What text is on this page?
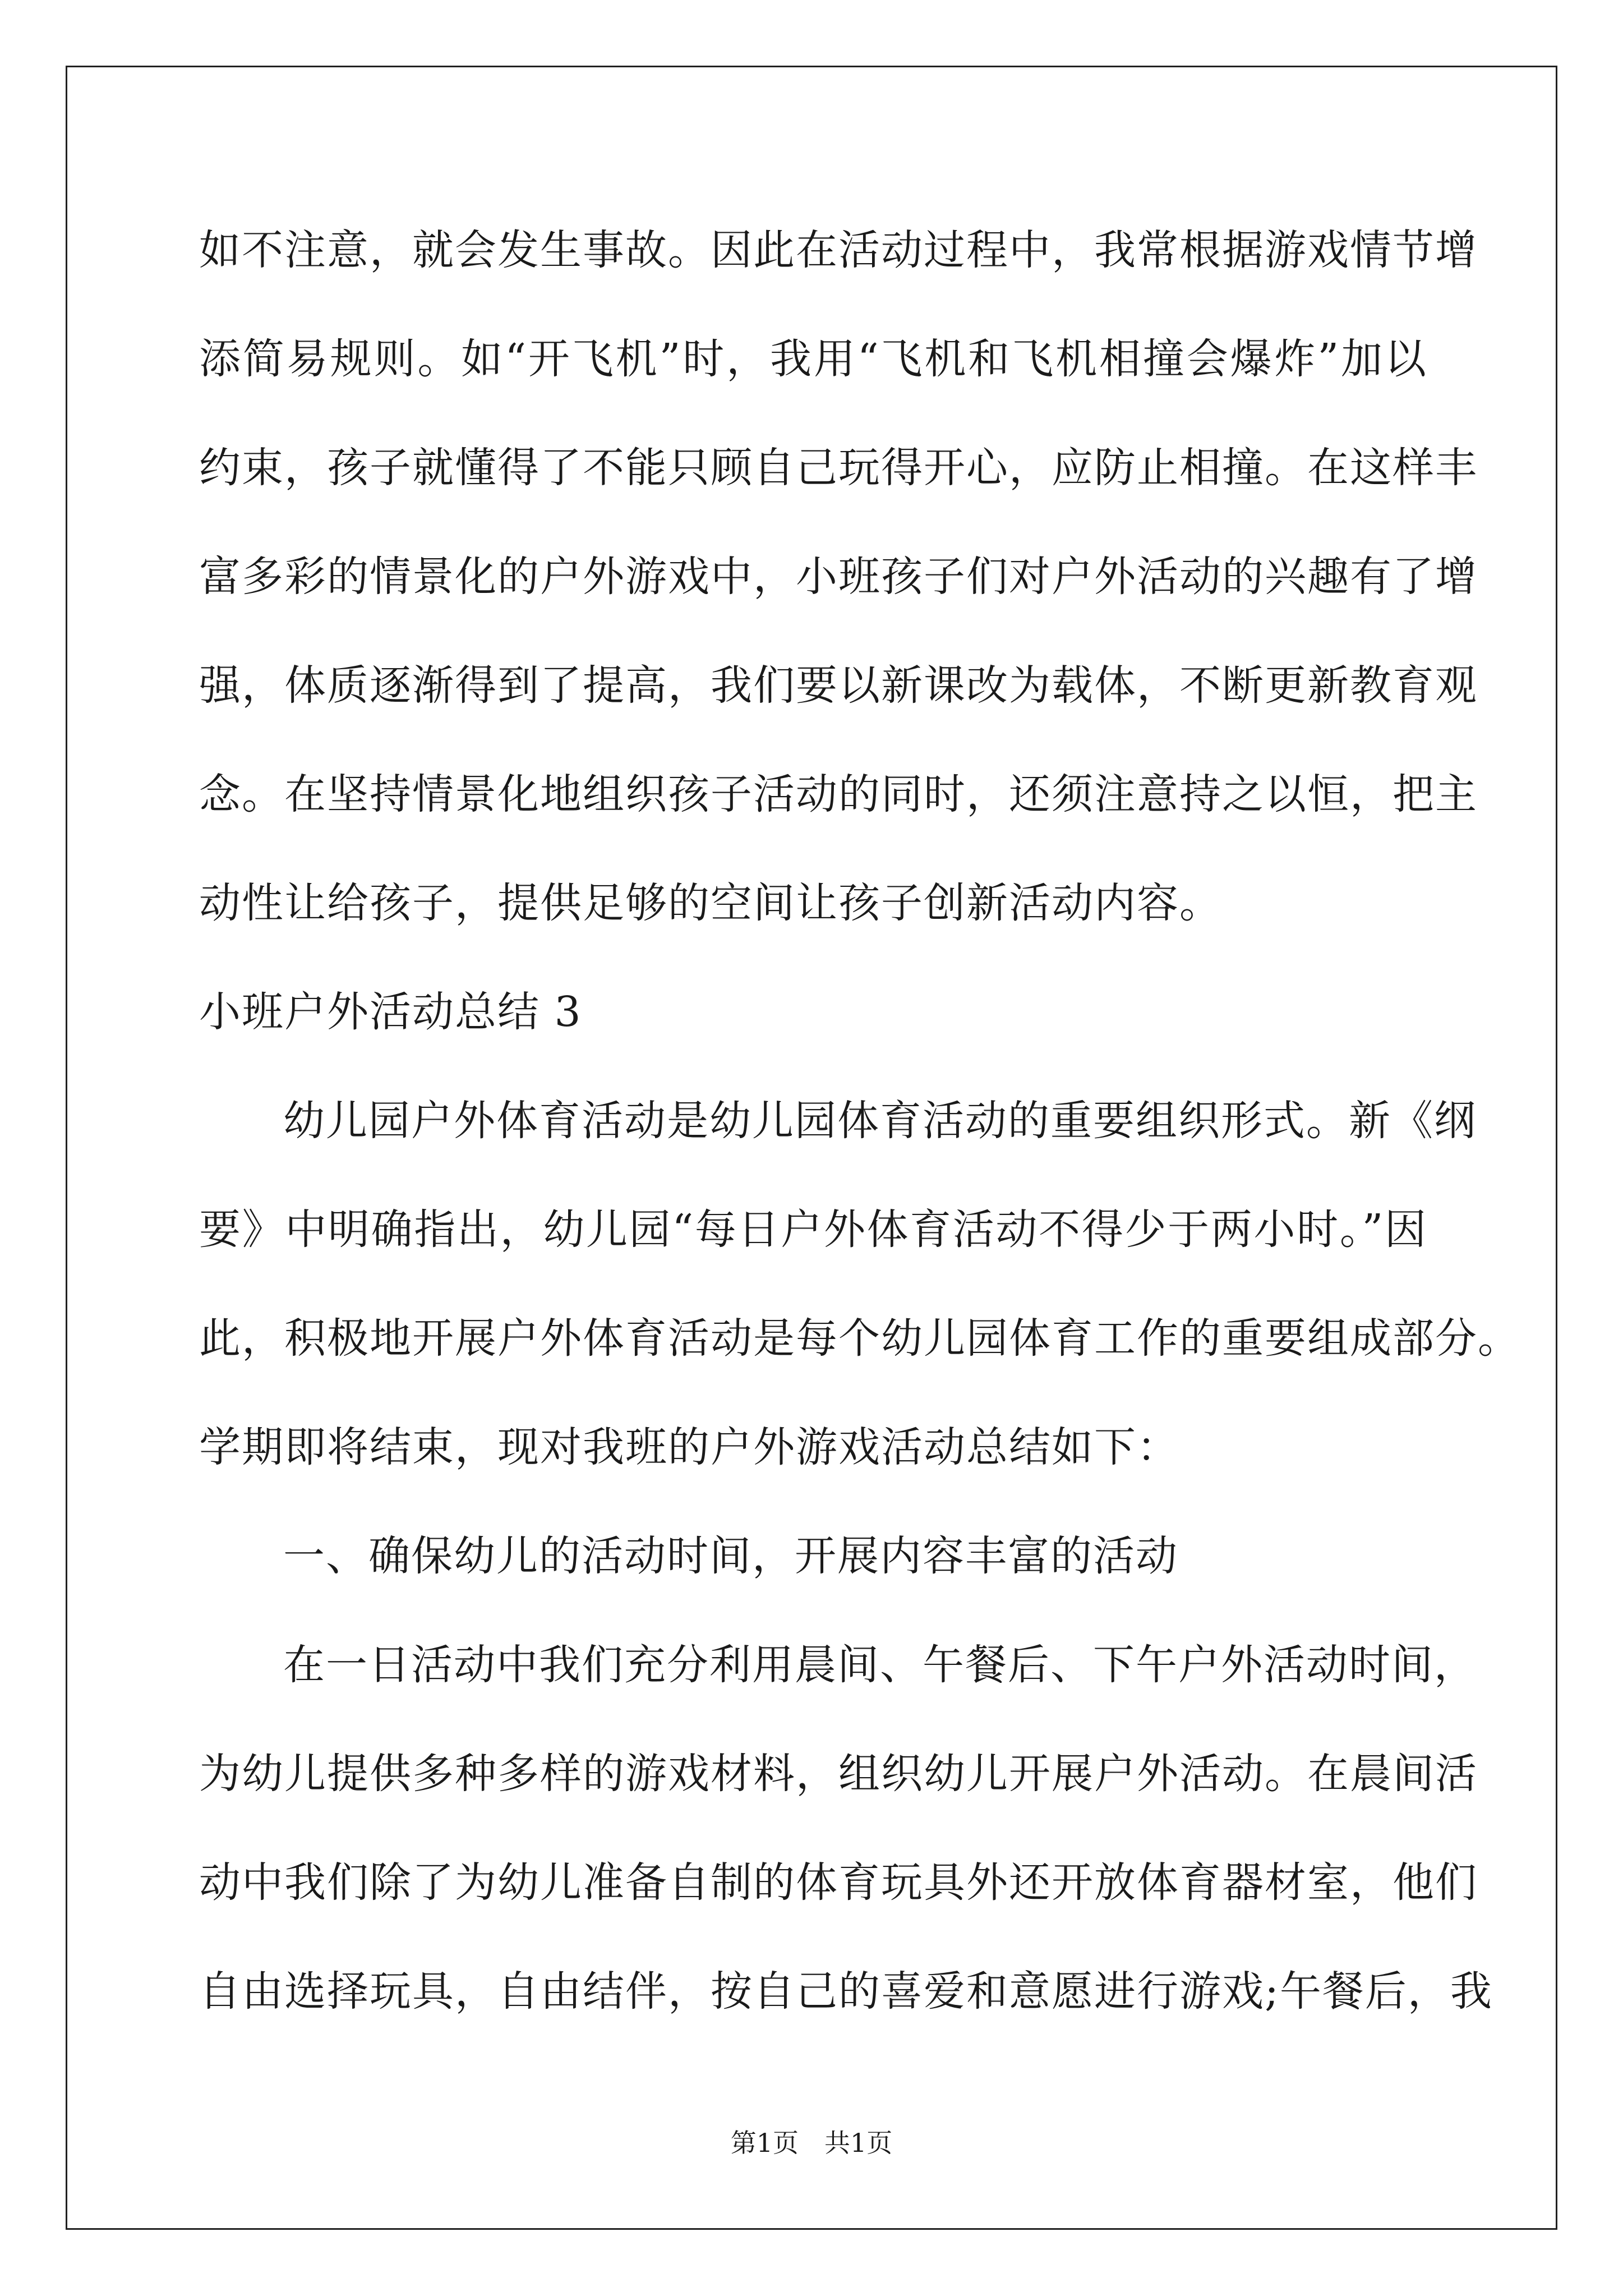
如不注意，就会发生事故。因此在活动过程中，我常根据游戏情节增
添简易规则。如“开飞机”时，我用“飞机和飞机相撞会爆炸”加以
约束，孩子就懂得了不能只顾自己玩得开心，应防止相撞。在这样丰
富多彩的情景化的户外游戏中，小班孩子们对户外活动的兴趣有了增
强，体质逐渐得到了提高，我们要以新课改为载体，不断更新教育观
念。在坚持情景化地组织孩子活动的同时，还须注意持之以恒，把主
动性让给孩子，提供足够的空间让孩子创新活动内容。
小班户外活动总结 3
幼儿园户外体育活动是幼儿园体育活动的重要组织形式。新《纲
要》中明确指出，幼儿园“每日户外体育活动不得少于两小时。”因
此，积极地开展户外体育活动是每个幼儿园体育工作的重要组成部分。
学期即将结束，现对我班的户外游戏活动总结如下：
一、确保幼儿的活动时间，开展内容丰富的活动
在一日活动中我们充分利用晨间、午餐后、下午户外活动时间，
为幼儿提供多种多样的游戏材料，组织幼儿开展户外活动。在晨间活
动中我们除了为幼儿准备自制的体育玩具外还开放体育器材室，他们
自由选择玩具，自由结伴，按自己的喜爱和意愿进行游戏;午餐后，我
第1页 共1页
